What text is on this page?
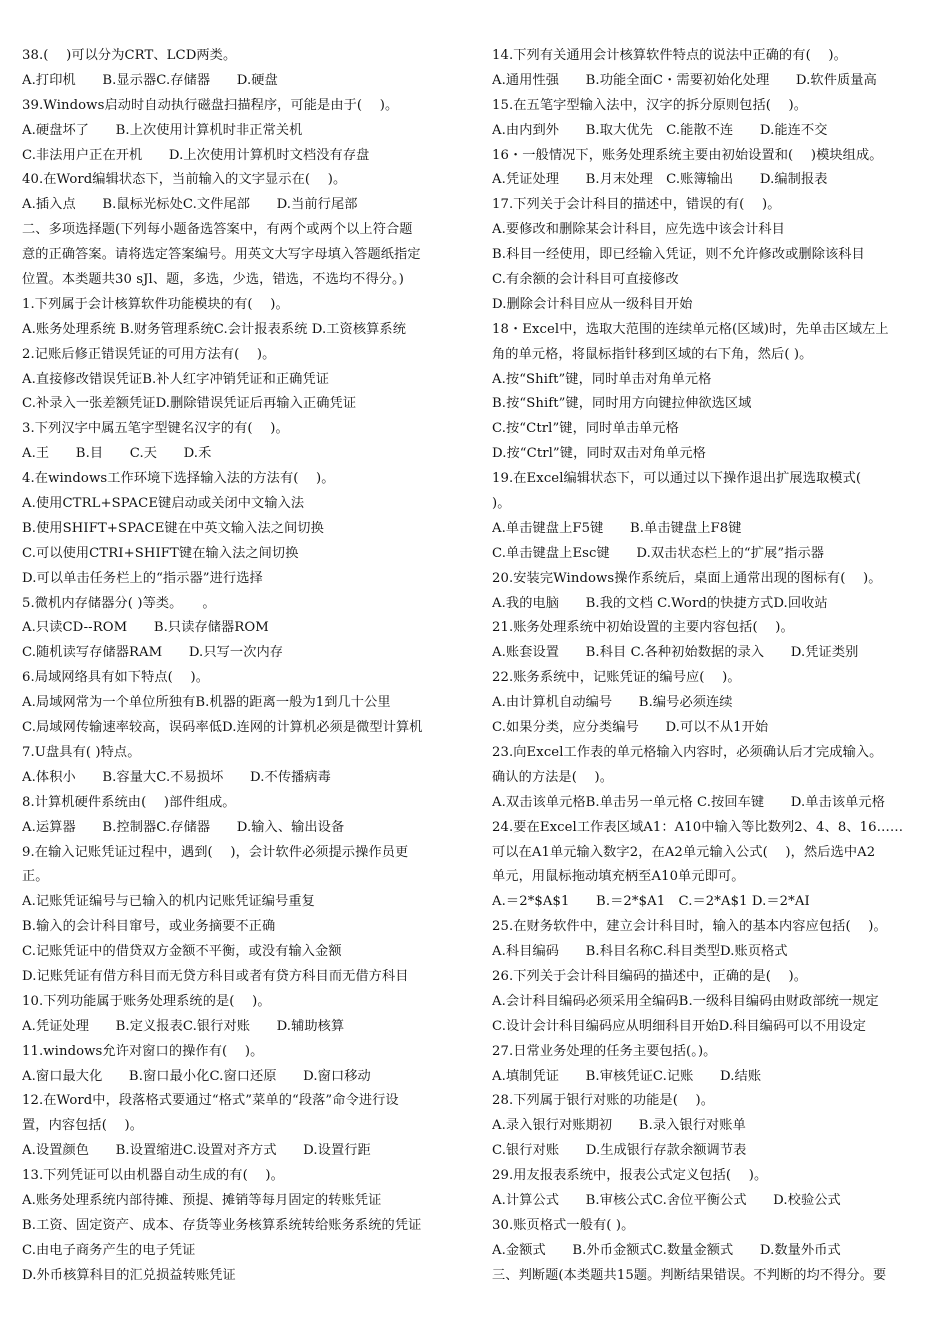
38.(　 )可以分为CRT、LCD两类。
A.打印机　　B.显示器C.存储器　　D.硬盘
39.Windows启动时自动执行磁盘扫描程序，可能是由于(　 )。
A.硬盘坏了　　B.上次使用计算机时非正常关机
C.非法用户正在开机　　D.上次使用计算机时文档没有存盘
40.在Word编辑状态下，当前输入的文字显示在(　 )。
A.插入点　　B.鼠标光标处C.文件尾部　　D.当前行尾部
二、多项选择题(下列每小题备选答案中，有两个或两个以上符合题
意的正确答案。请将选定答案编号。用英文大写字母填入答题纸指定
位置。本类题共30 sJl、题，多选，少选，错选，不选均不得分。)
1.下列属于会计核算软件功能模块的有(　 )。
A.账务处理系统 B.财务管理系统C.会计报表系统 D.工资核算系统
2.记账后修正错误凭证的可用方法有(　 )。
A.直接修改错误凭证B.补人红字冲销凭证和正确凭证
C.补录入一张差额凭证D.删除错误凭证后再输入正确凭证
3.下列汉字中属五笔字型键名汉字的有(　 )。
A.王　　B.目　　C.天　　D.禾
4.在windows工作环境下选择输入法的方法有(　 )。
A.使用CTRL+SPACE键启动或关闭中文输入法
B.使用SHIFT+SPACE键在中英文输入法之间切换
C.可以使用CTRI+SHIFT键在输入法之间切换
D.可以单击任务栏上的“指示器”进行选择
5.微机内存储器分( )等类。　　。
A.只读CD--ROM　　B.只读存储器ROM
C.随机读写存储器RAM　　D.只写一次内存
6.局域网络具有如下特点(　 )。
A.局域网常为一个单位所独有B.机器的距离一般为1到几十公里
C.局域网传输速率较高，误码率低D.连网的计算机必须是微型计算机
7.U盘具有( )特点。
A.体积小　　B.容量大C.不易损坏　　D.不传播病毒
8.计算机硬件系统由(　 )部件组成。
A.运算器　　B.控制器C.存储器　　D.输入、输出设备
9.在输入记账凭证过程中，遇到(　 )，会计软件必须提示操作员更
正。
A.记账凭证编号与已输入的机内记账凭证编号重复
B.输入的会计科目窜号，或业务摘要不正确
C.记账凭证中的借贷双方金额不平衡，或没有输入金额
D.记账凭证有借方科目而无贷方科目或者有贷方科目而无借方科目
10.下列功能属于账务处理系统的是(　 )。
A.凭证处理　　B.定义报表C.银行对账　　D.辅助核算
11.windows允许对窗口的操作有(　 )。
A.窗口最大化　　B.窗口最小化C.窗口还原　　D.窗口移动
12.在Word中，段落格式要通过“格式”菜单的“段落”命令进行设
置，内容包括(　 )。
A.设置颜色　　B.设置缩进C.设置对齐方式　　D.设置行距
13.下列凭证可以由机器自动生成的有(　 )。
A.账务处理系统内部待摊、预提、摊销等每月固定的转账凭证
B.工资、固定资产、成本、存货等业务核算系统转给账务系统的凭证
C.由电子商务产生的电子凭证
D.外币核算科目的汇兑损益转账凭证
14.下列有关通用会计核算软件特点的说法中正确的有(　 )。
A.通用性强　　B.功能全面C・需要初始化处理　　D.软件质量高
15.在五笔字型输入法中，汉字的拆分原则包括(　 )。
A.由内到外　　B.取大优先　C.能散不连　　D.能连不交
16・一般情况下，账务处理系统主要由初始设置和(　 )模块组成。
A.凭证处理　　B.月末处理　C.账簿输出　　D.编制报表
17.下列关于会计科目的描述中，错误的有(　 )。
A.要修改和删除某会计科目，应先选中该会计科目
B.科目一经使用，即已经输入凭证，则不允许修改或删除该科目
C.有余额的会计科目可直接修改
D.删除会计科目应从一级科目开始
18・Excel中，选取大范围的连续单元格(区域)时，先单击区域左上
角的单元格，将鼠标指针移到区域的右下角，然后( )。
A.按“Shift”键，同时单击对角单元格
B.按“Shift”键，同时用方向键拉伸欲选区域
C.按“Ctrl”键，同时单击单元格
D.按“Ctrl”键，同时双击对角单元格
19.在Excel编辑状态下，可以通过以下操作退出扩展选取模式(
)。
A.单击键盘上F5键　　B.单击键盘上F8键
C.单击键盘上Esc键　　D.双击状态栏上的“扩展”指示器
20.安装完Windows操作系统后，桌面上通常出现的图标有(　 )。
A.我的电脑　　B.我的文档 C.Word的快捷方式D.回收站
21.账务处理系统中初始设置的主要内容包括(　 )。
A.账套设置　　B.科目 C.各种初始数据的录入　　D.凭证类别
22.账务系统中，记账凭证的编号应(　 )。
A.由计算机自动编号　　B.编号必须连续
C.如果分类，应分类编号　　D.可以不从1开始
23.向Excel工作表的单元格输入内容时，必须确认后才完成输入。
确认的方法是(　 )。
A.双击该单元格B.单击另一单元格 C.按回车键　　D.单击该单元格
24.要在Excel工作表区域A1：A10中输入等比数列2、4、8、16……
可以在A1单元输入数字2，在A2单元输入公式(　 )，然后选中A2
单元，用鼠标拖动填充柄至A10单元即可。
A.＝2*$A$1　　B.＝2*$A1　C.＝2*A$1 D.＝2*AI
25.在财务软件中，建立会计科目时，输入的基本内容应包括(　 )。
A.科目编码　　B.科目名称C.科目类型D.账页格式
26.下列关于会计科目编码的描述中，正确的是(　 )。
A.会计科目编码必须采用全编码B.一级科目编码由财政部统一规定
C.设计会计科目编码应从明细科目开始D.科目编码可以不用设定
27.日常业务处理的任务主要包括(。)。
A.填制凭证　　B.审核凭证C.记账　　D.结账
28.下列属于银行对账的功能是(　 )。
A.录入银行对账期初　　B.录入银行对账单
C.银行对账　　D.生成银行存款余额调节表
29.用友报表系统中，报表公式定义包括(　 )。
A.计算公式　　B.审核公式C.舍位平衡公式　　D.校验公式
30.账页格式一般有( )。
A.金额式　　B.外币金额式C.数量金额式　　D.数量外币式
三、判断题(本类题共15题。判断结果错误。不判断的均不得分。要
